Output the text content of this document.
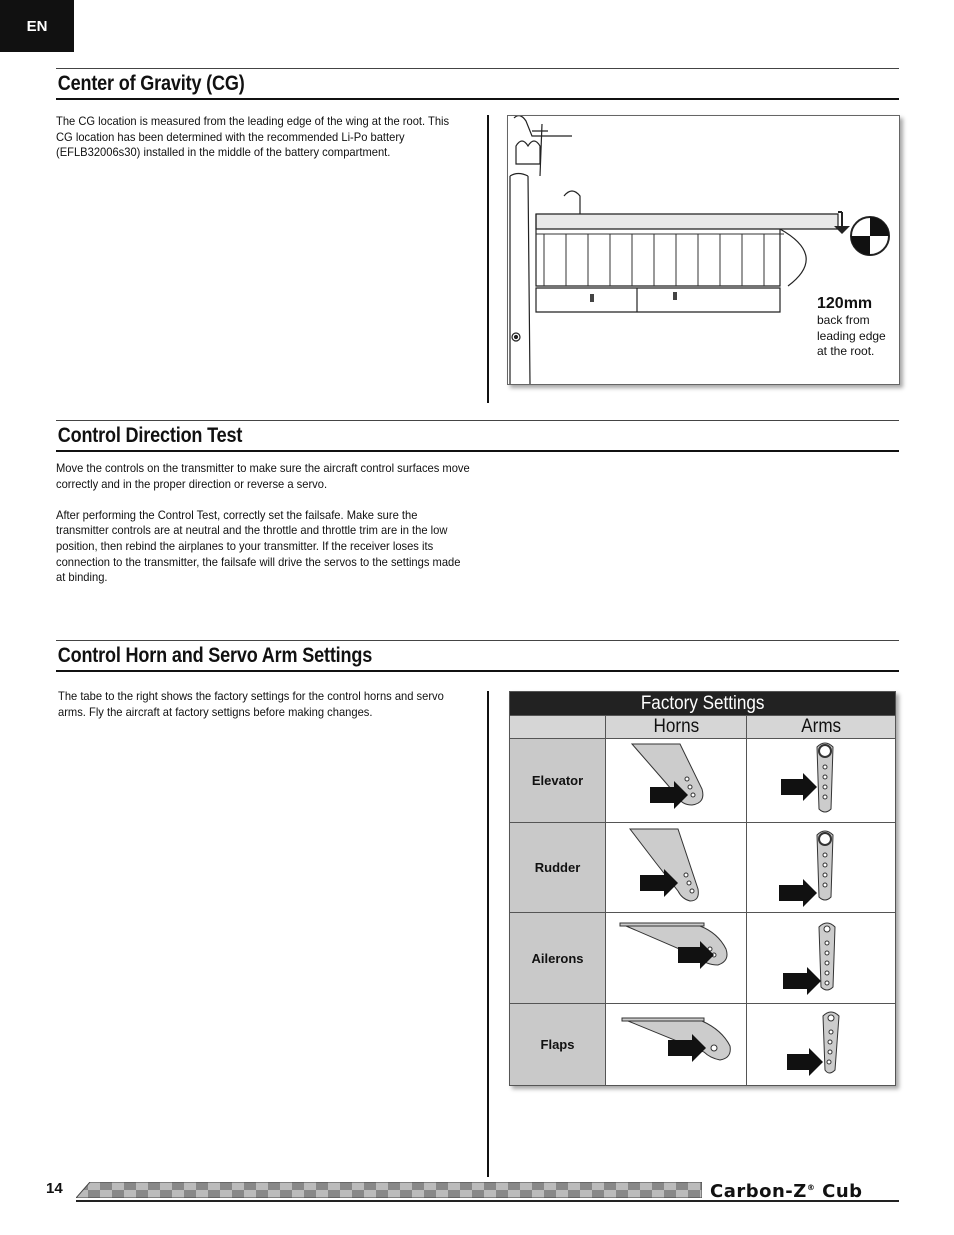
EN
Center of Gravity (CG)

The CG location is measured from the leading edge of the wing at the root. This CG location has been determined with the recommended Li-Po battery (EFLB32006s30) installed in the middle of the battery compartment.

120mm
back from
leading edge
at the root.
Control Direction Test

Move the controls on the transmitter to make sure the aircraft control surfaces move correctly and in the proper direction or reverse a servo.

After performing the Control Test, correctly set the failsafe. Make sure the transmitter controls are at neutral and the throttle and throttle trim are in the low position, then rebind the airplanes to your transmitter. If the receiver loses its connection to the transmitter, the failsafe will drive the servos to the settings made at binding.

Control Horn and Servo Arm Settings

The tabe to the right shows the factory settings for the control horns and servo arms. Fly the aircraft at factory settigns before making changes.	Factory Settings		
	Horns	Arms
Elevator		
Rudder		
Ailerons		
Flaps		
14	Carbon-Z® Cub
